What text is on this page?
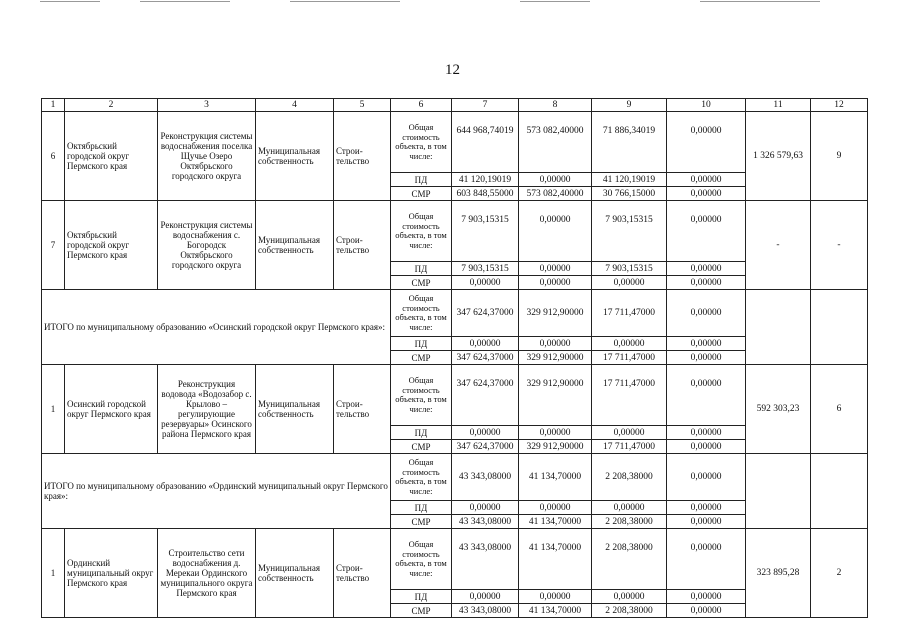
12
1	2	3	4	5	6	7	8	9	10	11	12
6	Октябрьский городской округ Пермского края	Реконструкция системы водоснабжения поселка Щучье Озеро Октябрьского городского округа	Муниципальная собственность	Строи-тельство	Общая стоимость объекта, в том числе:	644 968,74019	573 082,40000	71 886,34019	0,00000	1 326 579,63	9
					ПД	41 120,19019	0,00000	41 120,19019	0,00000		
					СМР	603 848,55000	573 082,40000	30 766,15000	0,00000		
7	Октябрьский городской округ Пермского края	Реконструкция системы водоснабжения с. Богородск Октябрьского городского округа	Муниципальная собственность	Строи-тельство	Общая стоимость объекта, в том числе:	7 903,15315	0,00000	7 903,15315	0,00000	-	-
					ПД	7 903,15315	0,00000	7 903,15315	0,00000		
					СМР	0,00000	0,00000	0,00000	0,00000		
ИТОГО по муниципальному образованию «Осинский городской округ Пермского края»:					Общая стоимость объекта, в том числе:	347 624,37000	329 912,90000	17 711,47000	0,00000		
					ПД	0,00000	0,00000	0,00000	0,00000		
					СМР	347 624,37000	329 912,90000	17 711,47000	0,00000		
1	Осинский городской округ Пермского края	Реконструкция водовода «Водозабор с. Крылово – регулирующие резервуары» Осинского района Пермского края	Муниципальная собственность	Строи-тельство	Общая стоимость объекта, в том числе:	347 624,37000	329 912,90000	17 711,47000	0,00000	592 303,23	6
					ПД	0,00000	0,00000	0,00000	0,00000		
					СМР	347 624,37000	329 912,90000	17 711,47000	0,00000		
ИТОГО по муниципальному образованию «Ординский муниципальный округ Пермского края»:					Общая стоимость объекта, в том числе:	43 343,08000	41 134,70000	2 208,38000	0,00000		
					ПД	0,00000	0,00000	0,00000	0,00000		
					СМР	43 343,08000	41 134,70000	2 208,38000	0,00000		
1	Ординский муниципальный округ Пермского края	Строительство сети водоснабжения д. Мерекаи Ординского муниципального округа Пермского края	Муниципальная собственность	Строи-тельство	Общая стоимость объекта, в том числе:	43 343,08000	41 134,70000	2 208,38000	0,00000	323 895,28	2
					ПД	0,00000	0,00000	0,00000	0,00000		
					СМР	43 343,08000	41 134,70000	2 208,38000	0,00000		
